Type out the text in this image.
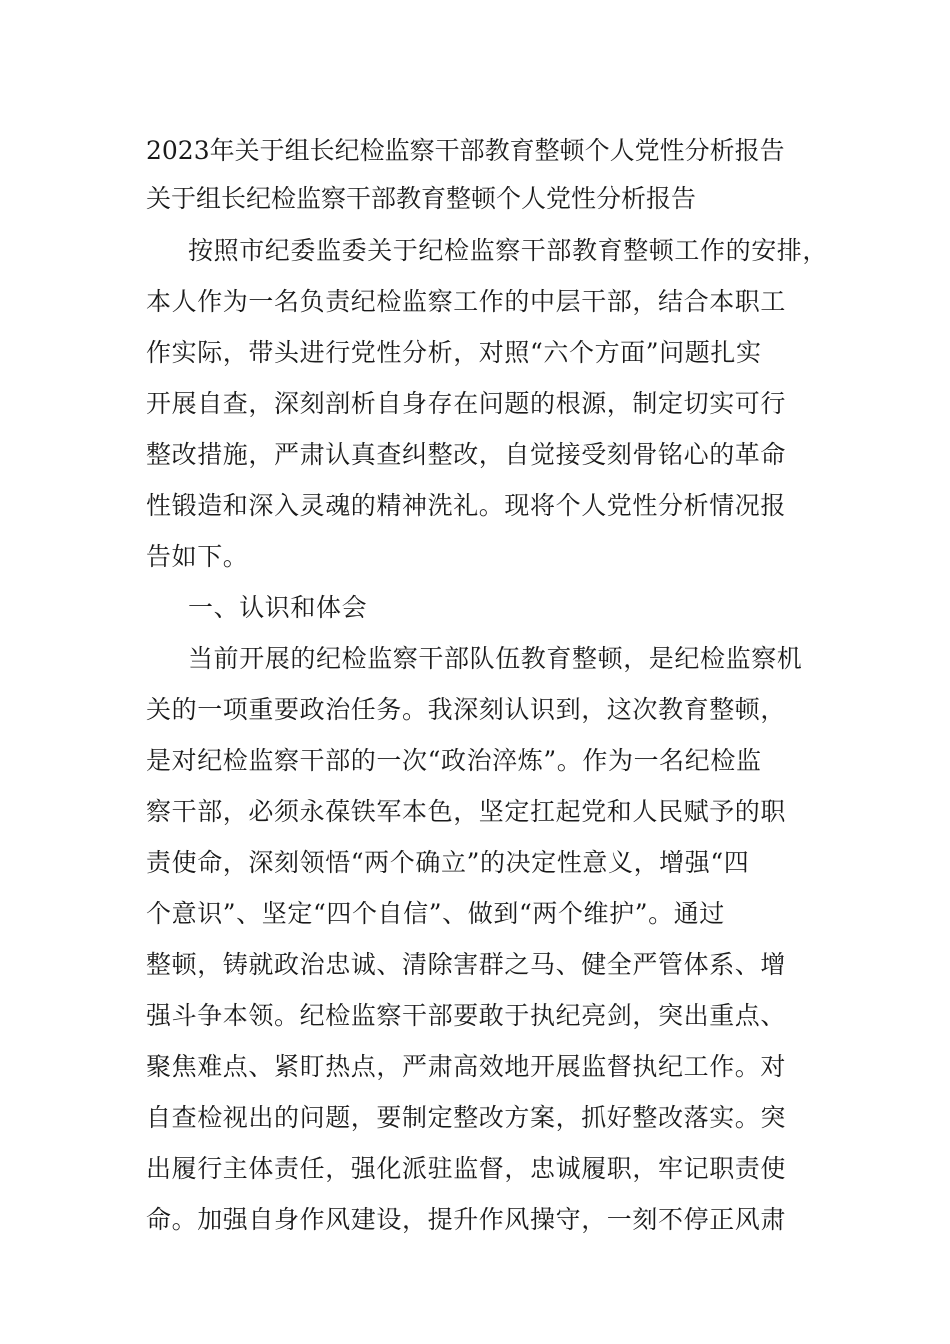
2023年关于组长纪检监察干部教育整顿个人党性分析报告
关于组长纪检监察干部教育整顿个人党性分析报告
按照市纪委监委关于纪检监察干部教育整顿工作的安排，
本人作为一名负责纪检监察工作的中层干部，结合本职工
作实际，带头进行党性分析，对照“六个方面”问题扎实
开展自查，深刻剖析自身存在问题的根源，制定切实可行
整改措施，严肃认真查纠整改，自觉接受刻骨铭心的革命
性锻造和深入灵魂的精神洗礼。现将个人党性分析情况报
告如下。
一、认识和体会
当前开展的纪检监察干部队伍教育整顿，是纪检监察机
关的一项重要政治任务。我深刻认识到，这次教育整顿，
是对纪检监察干部的一次“政治淬炼”。作为一名纪检监
察干部，必须永葆铁军本色，坚定扛起党和人民赋予的职
责使命，深刻领悟“两个确立”的决定性意义，增强“四
个意识”、坚定“四个自信”、做到“两个维护”。通过
整顿，铸就政治忠诚、清除害群之马、健全严管体系、增
强斗争本领。纪检监察干部要敢于执纪亮剑，突出重点、
聚焦难点、紧盯热点，严肃高效地开展监督执纪工作。对
自查检视出的问题，要制定整改方案，抓好整改落实。突
出履行主体责任，强化派驻监督，忠诚履职，牢记职责使
命。加强自身作风建设，提升作风操守，一刻不停正风肃
